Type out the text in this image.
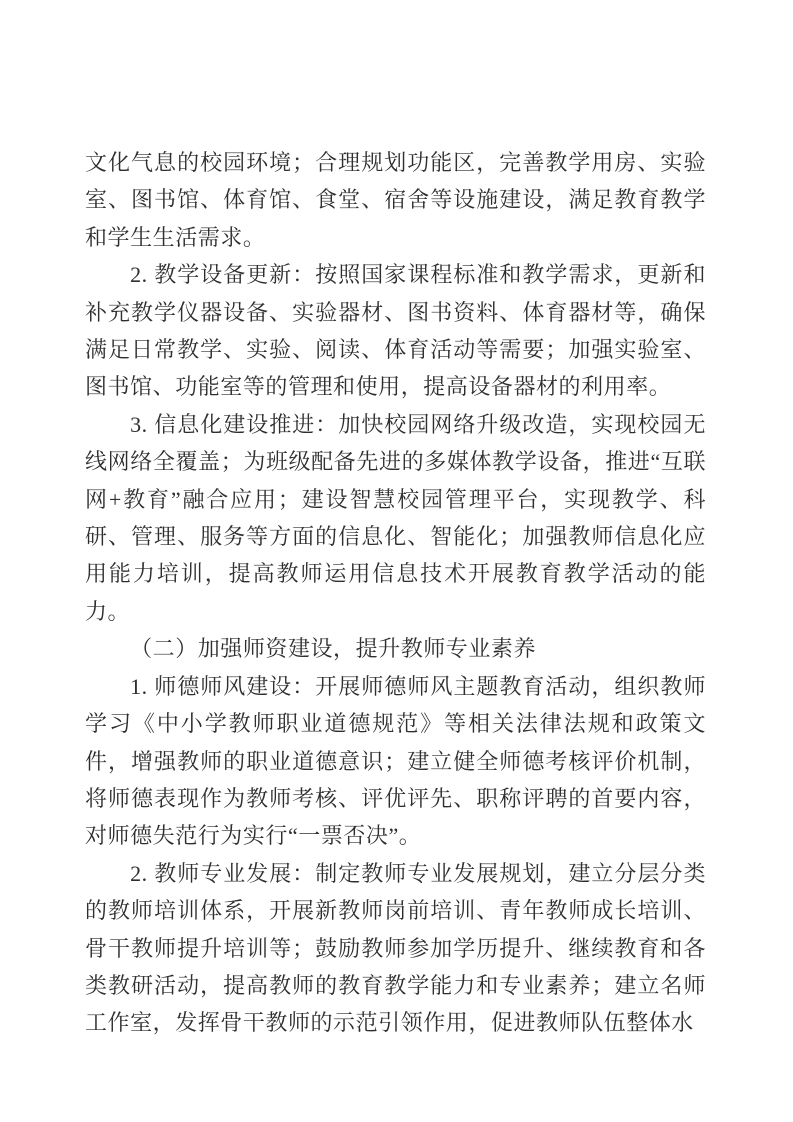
文化气息的校园环境；合理规划功能区，完善教学用房、实验室、图书馆、体育馆、食堂、宿舍等设施建设，满足教育教学和学生生活需求。

2. 教学设备更新：按照国家课程标准和教学需求，更新和补充教学仪器设备、实验器材、图书资料、体育器材等，确保满足日常教学、实验、阅读、体育活动等需要；加强实验室、图书馆、功能室等的管理和使用，提高设备器材的利用率。

3. 信息化建设推进：加快校园网络升级改造，实现校园无线网络全覆盖；为班级配备先进的多媒体教学设备，推进“互联网+教育”融合应用；建设智慧校园管理平台，实现教学、科研、管理、服务等方面的信息化、智能化；加强教师信息化应用能力培训，提高教师运用信息技术开展教育教学活动的能力。

（二）加强师资建设，提升教师专业素养

1. 师德师风建设：开展师德师风主题教育活动，组织教师学习《中小学教师职业道德规范》等相关法律法规和政策文件，增强教师的职业道德意识；建立健全师德考核评价机制，将师德表现作为教师考核、评优评先、职称评聘的首要内容，对师德失范行为实行“一票否决”。

2. 教师专业发展：制定教师专业发展规划，建立分层分类的教师培训体系，开展新教师岗前培训、青年教师成长培训、骨干教师提升培训等；鼓励教师参加学历提升、继续教育和各类教研活动，提高教师的教育教学能力和专业素养；建立名师工作室，发挥骨干教师的示范引领作用，促进教师队伍整体水
